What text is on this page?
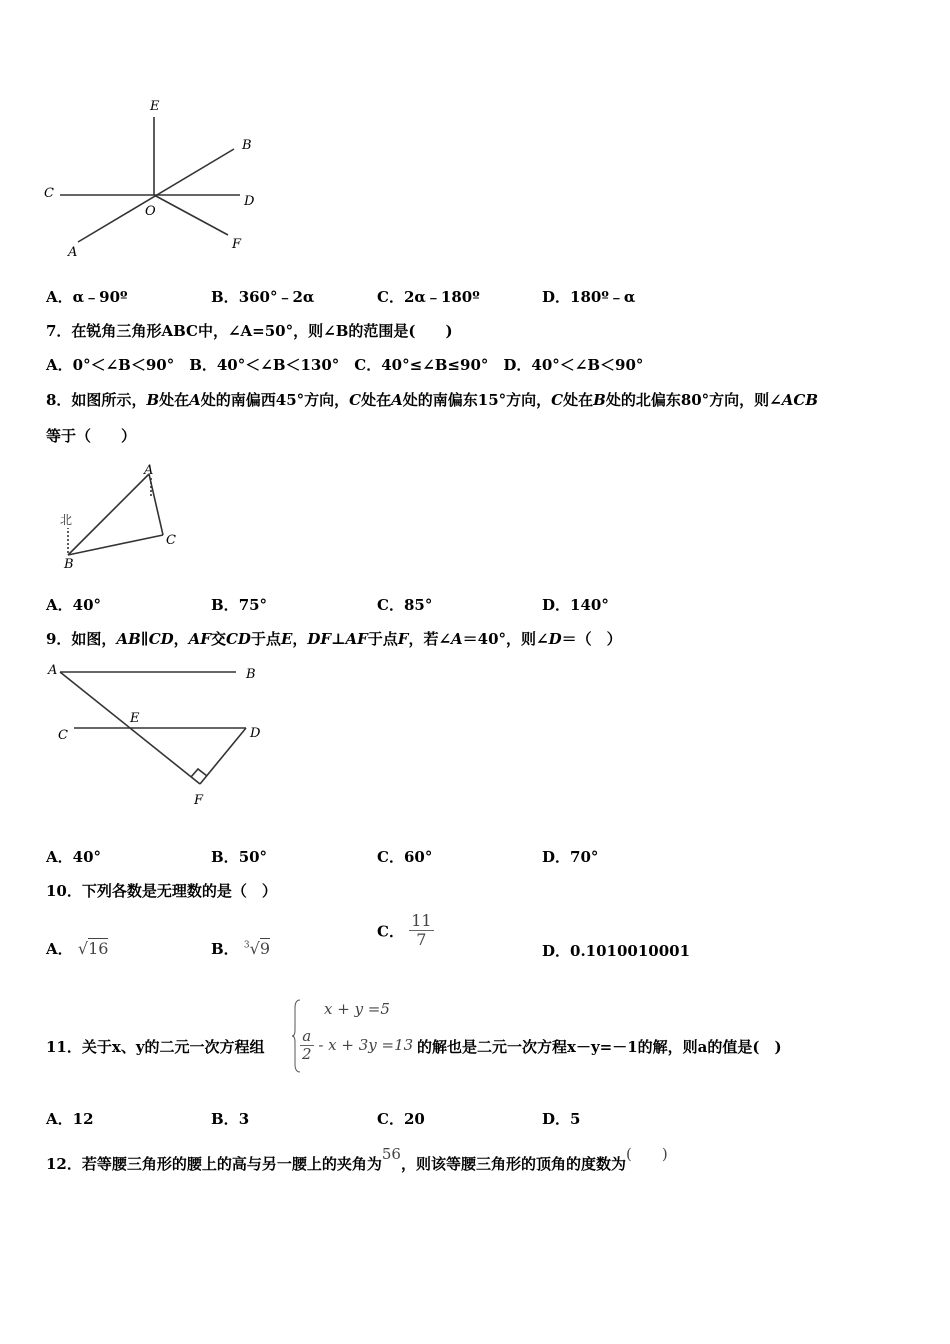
E
B
C
O
D
A
F
A．α﹣90º	B．360°﹣2α	C．2α﹣180º	D．180º﹣α
7．在锐角三角形ABC中，∠A=50°，则∠B的范围是(　　)
A．0°＜∠B＜90°　B．40°＜∠B＜130°　C．40°≤∠B≤90°　D．40°＜∠B＜90°
8．如图所示，B处在A处的南偏西45°方向，C处在A处的南偏东15°方向，C处在B处的北偏东80°方向，则∠ACB
等于（　　）
北
A
B
C
A．40°	B．75°	C．85°	D．140°
9．如图，AB∥CD，AF交CD于点E，DF⊥AF于点F，若∠A＝40°，则∠D＝（　）
A	B
C	D
E
F
A．40°	B．50°	C．60°	D．70°
10．下列各数是无理数的是（　）
A． √16	B． $^3$√9
C． $\frac{11}{7}$
D．0.1010010001
11．关于x、y的二元一次方程组
x + y =5
$\frac{a}{2} - x + 3y =13$ 的解也是二元一次方程x－y=－1的解，则a的值是(　)
A．12	B．3	C．20	D．5
12．若等腰三角形的腰上的高与另一腰上的夹角为56，则该等腰三角形的顶角的度数为(　　)
